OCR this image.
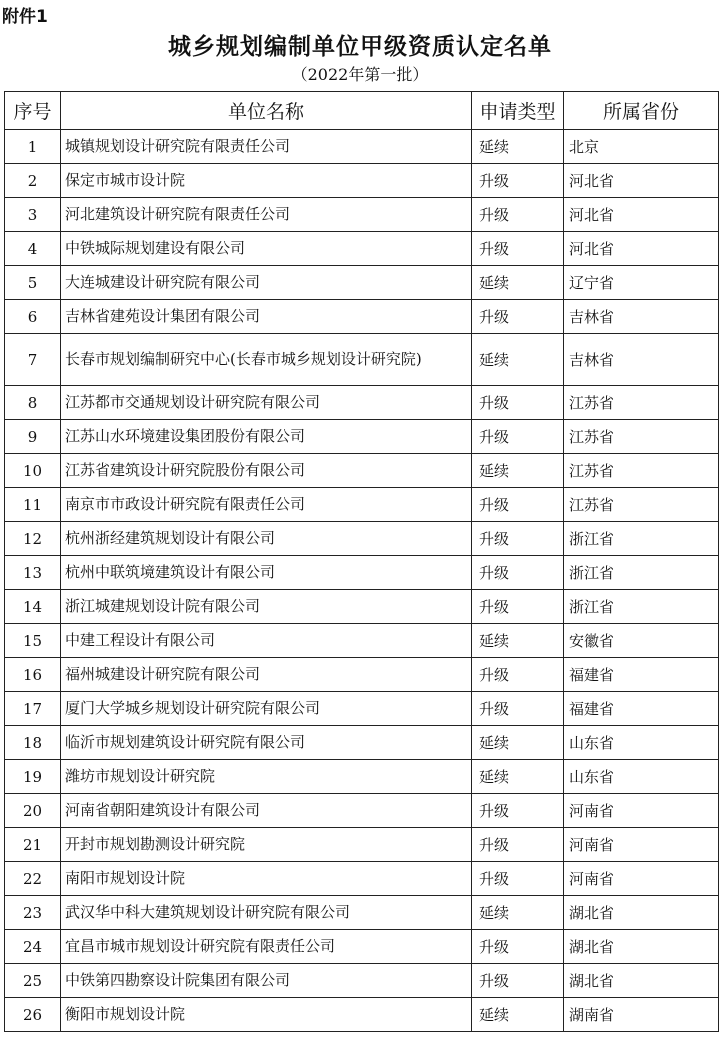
附件1
城乡规划编制单位甲级资质认定名单
（2022年第一批）
序号	单位名称	申请类型	所属省份
1	城镇规划设计研究院有限责任公司	延续	北京
2	保定市城市设计院	升级	河北省
3	河北建筑设计研究院有限责任公司	升级	河北省
4	中铁城际规划建设有限公司	升级	河北省
5	大连城建设计研究院有限公司	延续	辽宁省
6	吉林省建苑设计集团有限公司	升级	吉林省
7	长春市规划编制研究中心(长春市城乡规划设计研究院)	延续	吉林省
8	江苏都市交通规划设计研究院有限公司	升级	江苏省
9	江苏山水环境建设集团股份有限公司	升级	江苏省
10	江苏省建筑设计研究院股份有限公司	延续	江苏省
11	南京市市政设计研究院有限责任公司	升级	江苏省
12	杭州浙经建筑规划设计有限公司	升级	浙江省
13	杭州中联筑境建筑设计有限公司	升级	浙江省
14	浙江城建规划设计院有限公司	升级	浙江省
15	中建工程设计有限公司	延续	安徽省
16	福州城建设计研究院有限公司	升级	福建省
17	厦门大学城乡规划设计研究院有限公司	升级	福建省
18	临沂市规划建筑设计研究院有限公司	延续	山东省
19	潍坊市规划设计研究院	延续	山东省
20	河南省朝阳建筑设计有限公司	升级	河南省
21	开封市规划勘测设计研究院	升级	河南省
22	南阳市规划设计院	升级	河南省
23	武汉华中科大建筑规划设计研究院有限公司	延续	湖北省
24	宜昌市城市规划设计研究院有限责任公司	升级	湖北省
25	中铁第四勘察设计院集团有限公司	升级	湖北省
26	衡阳市规划设计院	延续	湖南省
